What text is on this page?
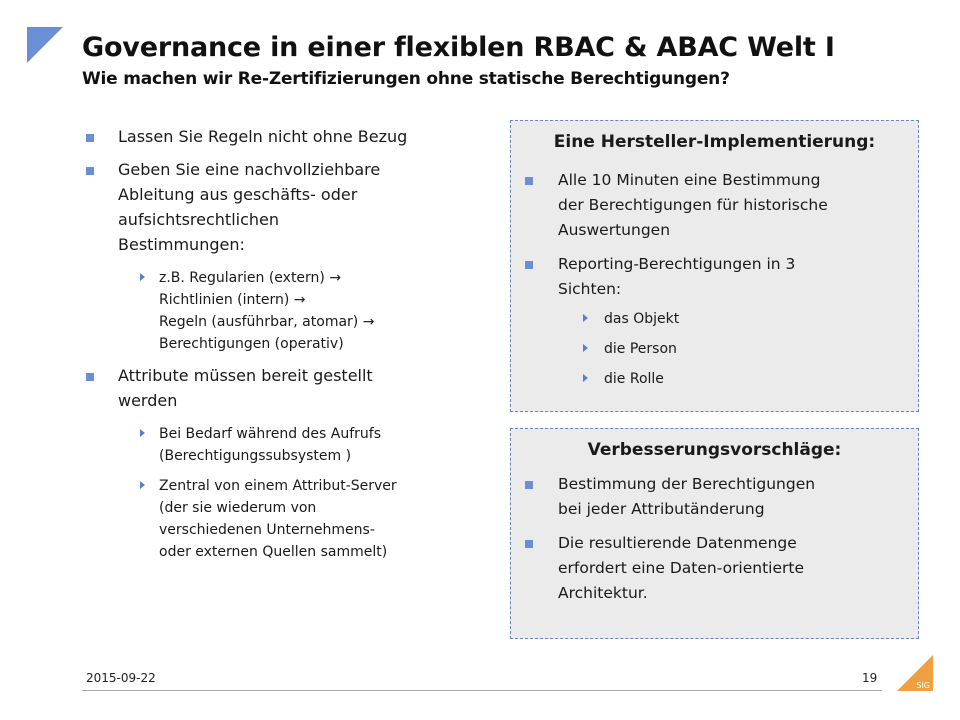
Governance in einer flexiblen RBAC & ABAC Welt I
Wie machen wir Re-Zertifizierungen ohne statische Berechtigungen?
Lassen Sie Regeln nicht ohne Bezug
Geben Sie eine nachvollziehbare
Ableitung aus geschäfts- oder
aufsichtsrechtlichen
Bestimmungen:
z.B. Regularien (extern) →
Richtlinien (intern) →
Regeln (ausführbar, atomar) →
Berechtigungen (operativ)
Attribute müssen bereit gestellt
werden
Bei Bedarf während des Aufrufs
(Berechtigungssubsystem )
Zentral von einem Attribut-Server
(der sie wiederum von
verschiedenen Unternehmens-
oder externen Quellen sammelt)
Eine Hersteller-Implementierung:
Alle 10 Minuten eine Bestimmung
der Berechtigungen für historische
Auswertungen
Reporting-Berechtigungen in 3
Sichten:
das Objekt
die Person
die Rolle
Verbesserungsvorschläge:
Bestimmung der Berechtigungen
bei jeder Attributänderung
Die resultierende Datenmenge
erfordert eine Daten-orientierte
Architektur.
2015-09-22	19
SIG
